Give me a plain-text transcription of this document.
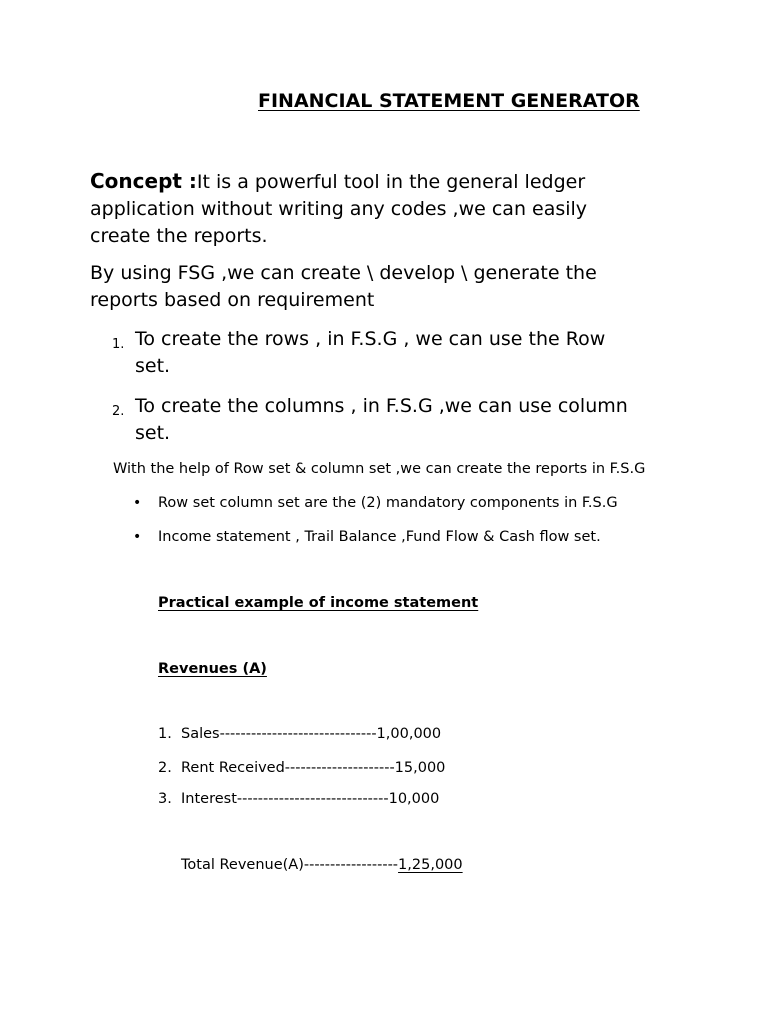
FINANCIAL STATEMENT GENERATOR
Concept :It is a powerful tool in the general ledger
application without writing any codes ,we can easily
create the reports.
By using FSG ,we can create \ develop \ generate the
reports based on requirement
1. To create the rows , in F.S.G , we can use the Row
set.
2. To create the columns , in F.S.G ,we can use column
set.
With the help of Row set & column set ,we can create the reports in F.S.G
• Row set column set are the (2) mandatory components in F.S.G
• Income statement , Trail Balance ,Fund Flow & Cash flow set.
Practical example of income statement
Revenues (A)
1. Sales------------------------------1,00,000
2. Rent Received---------------------15,000
3. Interest-----------------------------10,000
Total Revenue(A)------------------1,25,000
